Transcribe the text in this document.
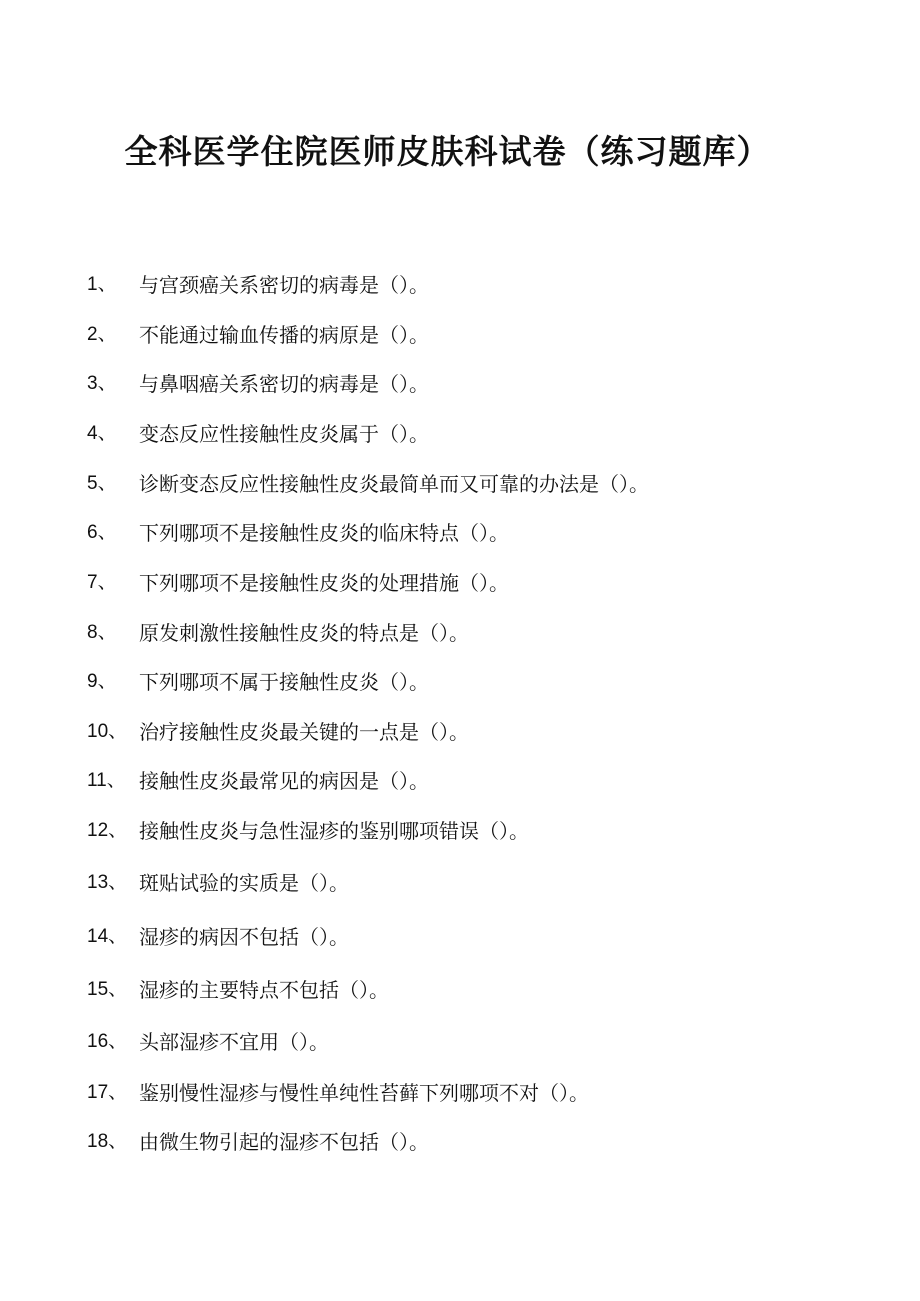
全科医学住院医师皮肤科试卷（练习题库）
1、 与宫颈癌关系密切的病毒是（）。
2、 不能通过输血传播的病原是（）。
3、 与鼻咽癌关系密切的病毒是（）。
4、 变态反应性接触性皮炎属于（）。
5、 诊断变态反应性接触性皮炎最简单而又可靠的办法是（）。
6、 下列哪项不是接触性皮炎的临床特点（）。
7、 下列哪项不是接触性皮炎的处理措施（）。
8、 原发刺激性接触性皮炎的特点是（）。
9、 下列哪项不属于接触性皮炎（）。
10、 治疗接触性皮炎最关键的一点是（）。
11、 接触性皮炎最常见的病因是（）。
12、 接触性皮炎与急性湿疹的鉴别哪项错误（）。
13、 斑贴试验的实质是（）。
14、 湿疹的病因不包括（）。
15、 湿疹的主要特点不包括（）。
16、 头部湿疹不宜用（）。
17、 鉴别慢性湿疹与慢性单纯性苔藓下列哪项不对（）。
18、 由微生物引起的湿疹不包括（）。
